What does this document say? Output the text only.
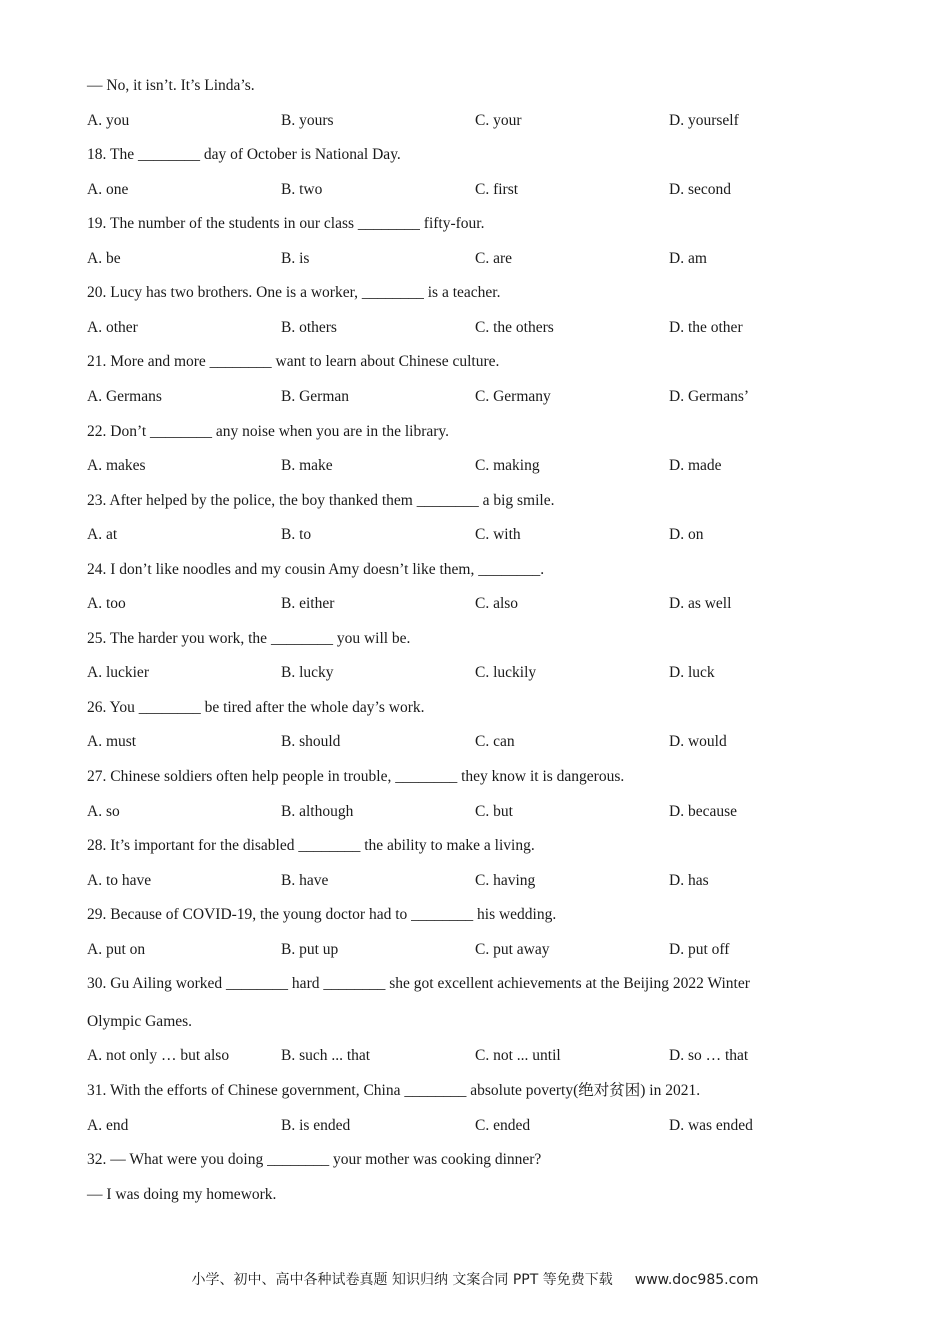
— No, it isn’t. It’s Linda’s.
A. you	B. yours	C. your	D. yourself
18. The ________ day of October is National Day.
A. one	B. two	C. first	D. second
19. The number of the students in our class ________ fifty-four.
A. be	B. is	C. are	D. am
20. Lucy has two brothers. One is a worker, ________ is a teacher.
A. other	B. others	C. the others	D. the other
21. More and more ________ want to learn about Chinese culture.
A. Germans	B. German	C. Germany	D. Germans’
22. Don’t ________ any noise when you are in the library.
A. makes	B. make	C. making	D. made
23. After helped by the police, the boy thanked them ________ a big smile.
A. at	B. to	C. with	D. on
24. I don’t like noodles and my cousin Amy doesn’t like them, ________.
A. too	B. either	C. also	D. as well
25. The harder you work, the ________ you will be.
A. luckier	B. lucky	C. luckily	D. luck
26. You ________ be tired after the whole day’s work.
A. must	B. should	C. can	D. would
27. Chinese soldiers often help people in trouble, ________ they know it is dangerous.
A. so	B. although	C. but	D. because
28. It’s important for the disabled ________ the ability to make a living.
A. to have	B. have	C. having	D. has
29. Because of COVID-19, the young doctor had to ________ his wedding.
A. put on	B. put up	C. put away	D. put off
30. Gu Ailing worked ________ hard ________ she got excellent achievements at the Beijing 2022 Winter
Olympic Games.
A. not only … but also	B. such ... that	C. not ... until	D. so … that
31. With the efforts of Chinese government, China ________ absolute poverty(绝对贫困) in 2021.
A. end	B. is ended	C. ended	D. was ended
32. — What were you doing ________ your mother was cooking dinner?
— I was doing my homework.
小学、初中、高中各种试卷真题 知识归纳 文案合同 PPT 等免费下载 www.doc985.com
